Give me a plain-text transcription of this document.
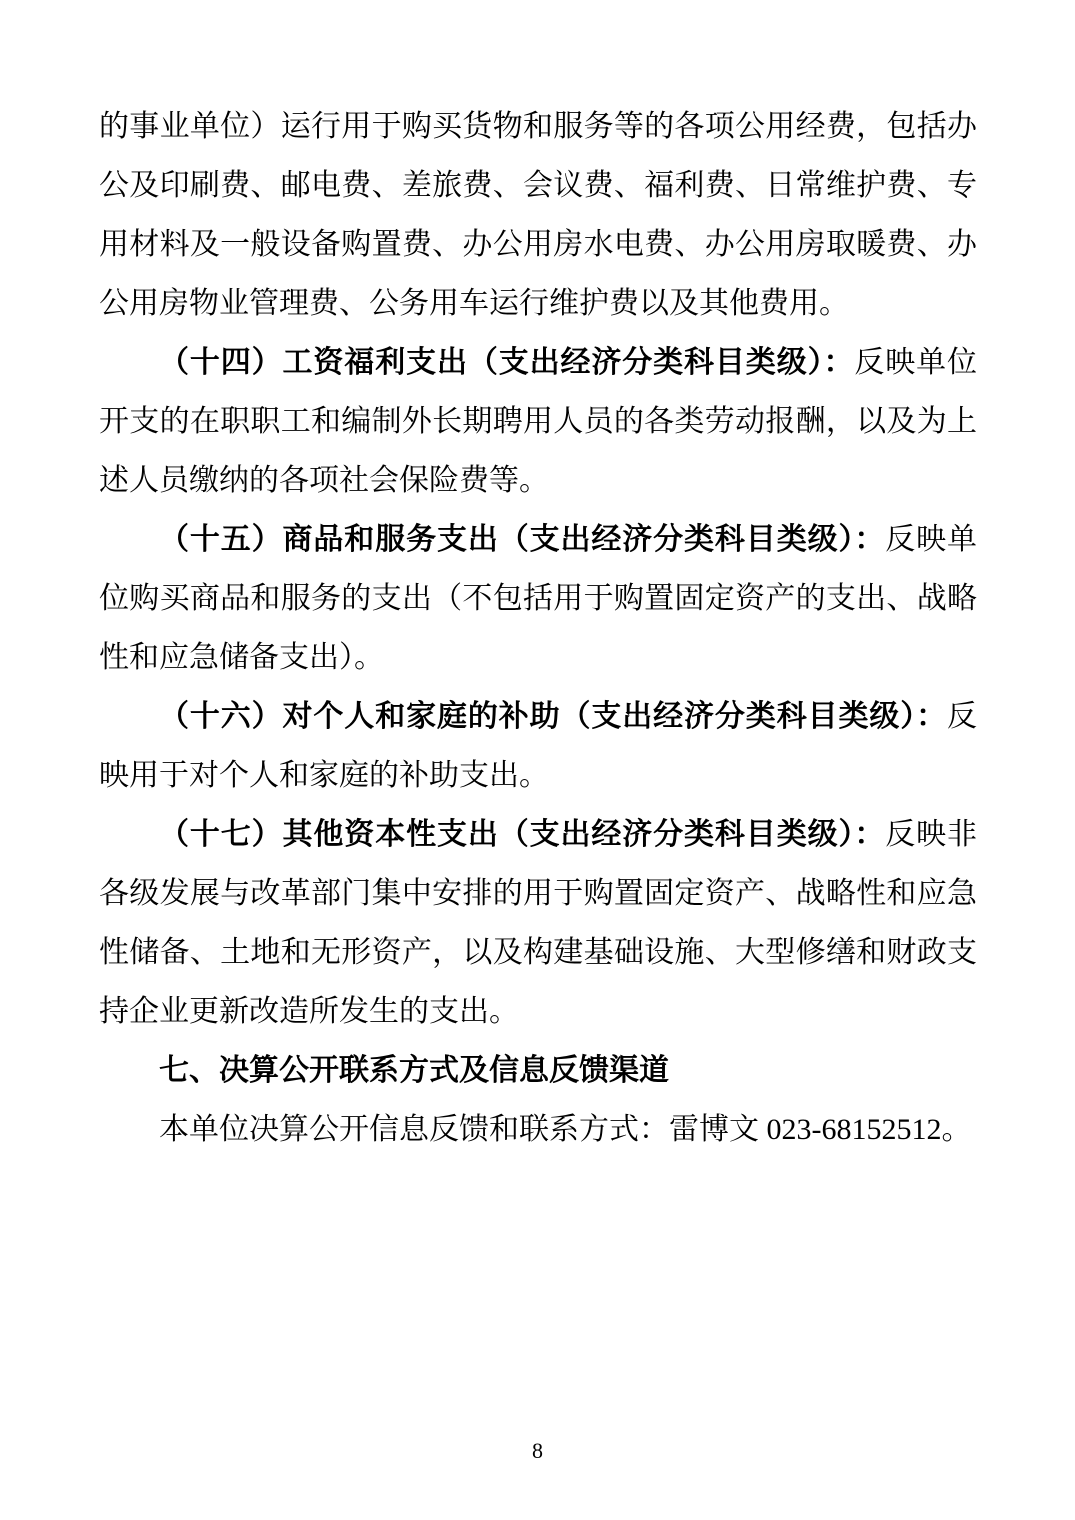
的事业单位）运行用于购买货物和服务等的各项公用经费，包括办公及印刷费、邮电费、差旅费、会议费、福利费、日常维护费、专用材料及一般设备购置费、办公用房水电费、办公用房取暖费、办公用房物业管理费、公务用车运行维护费以及其他费用。

（十四）工资福利支出（支出经济分类科目类级）：反映单位开支的在职职工和编制外长期聘用人员的各类劳动报酬，以及为上述人员缴纳的各项社会保险费等。

（十五）商品和服务支出（支出经济分类科目类级）：反映单位购买商品和服务的支出（不包括用于购置固定资产的支出、战略性和应急储备支出）。

（十六）对个人和家庭的补助（支出经济分类科目类级）：反映用于对个人和家庭的补助支出。

（十七）其他资本性支出（支出经济分类科目类级）：反映非各级发展与改革部门集中安排的用于购置固定资产、战略性和应急性储备、土地和无形资产，以及构建基础设施、大型修缮和财政支持企业更新改造所发生的支出。

七、决算公开联系方式及信息反馈渠道

本单位决算公开信息反馈和联系方式：雷博文 023-68152512。

8
